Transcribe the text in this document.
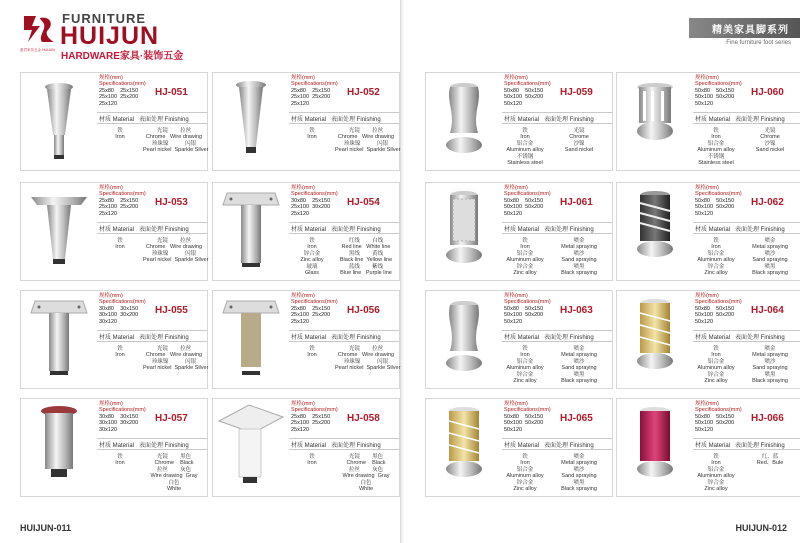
FURNITURE
HUIJUN
HARDWARE家具·装饰五金
惠君家具五金 HUIJUN
HUIJUN-011
精美家具脚系列
Fine furniture foot series
HUIJUN-012
规格(mm)
Specifications(mm)
25x80    25x150
25x100  25x200
25x120
HJ-051
材质 Material 表面处理 Finishing
铁
Iron
光镜        拉丝
Chrome   Wire drawing
珍珠镍           闪银
Pearl nickel  Sparkle Silver
规格(mm)
Specifications(mm)
25x80    25x150
25x100  25x200
25x120
HJ-052
材质 Material 表面处理 Finishing
铁
Iron
光镜        拉丝
Chrome   Wire drawing
珍珠镍           闪银
Pearl nickel  Sparkle Silver
规格(mm)
Specifications(mm)
25x80    25x150
25x100  25x200
25x120
HJ-053
材质 Material 表面处理 Finishing
铁
Iron
光镜        拉丝
Chrome   Wire drawing
珍珠镍           闪银
Pearl nickel  Sparkle Silver
规格(mm)
Specifications(mm)
30x80    25x150
25x100  30x200
25x120
HJ-054
材质 Material 表面处理 Finishing
铁
Iron
锌合金
Zinc alloy
玻璃
Glass
红线        白线
Red line   White line
黑线        黄线
Black line  Yellow line
蓝线        紫线
Blue line   Purple line
规格(mm)
Specifications(mm)
30x80    30x150
30x100  30x200
30x120
HJ-055
材质 Material 表面处理 Finishing
铁
Iron
光镜        拉丝
Chrome   Wire drawing
珍珠镍           闪银
Pearl nickel  Sparkle Silver
规格(mm)
Specifications(mm)
25x80    25x150
25x100  25x200
25x120
HJ-056
材质 Material 表面处理 Finishing
铁
Iron
光镜        拉丝
Chrome   Wire drawing
珍珠镍           闪银
Pearl nickel  Sparkle Silver
规格(mm)
Specifications(mm)
30x80    30x150
30x100  30x200
30x120
HJ-057
材质 Material 表面处理 Finishing
铁
Iron
光镜        黑色
Chrome    Black
拉丝        灰色
Wire drawing  Gray
白色
White
规格(mm)
Specifications(mm)
25x80    25x150
25x100  25x200
25x120
HJ-058
材质 Material 表面处理 Finishing
铁
Iron
光镜        黑色
Chrome    Black
拉丝        灰色
Wire drawing  Gray
白色
White
规格(mm)
Specifications(mm)
50x80    50x150
50x100  50x200
50x120
HJ-059
材质 Material 表面处理 Finishing
铁
Iron
铝合金
Aluminum alloy
不锈钢
Stainless steel
光镜
Chrome
沙镍
Sand nickel
规格(mm)
Specifications(mm)
50x80    50x150
50x100  50x200
50x120
HJ-060
材质 Material 表面处理 Finishing
铁
Iron
铝合金
Aluminum alloy
不锈钢
Stainless steel
光镜
Chrome
沙镍
Sand nickel
规格(mm)
Specifications(mm)
50x80    50x150
50x100  50x200
50x120
HJ-061
材质 Material 表面处理 Finishing
铁
Iron
铝合金
Aluminum alloy
锌合金
Zinc alloy
喷金
Metal spraying
喷沙
Sand spraying
喷黑
Black spraying
规格(mm)
Specifications(mm)
50x80    50x150
50x100  50x200
50x120
HJ-062
材质 Material 表面处理 Finishing
铁
Iron
铝合金
Aluminum alloy
锌合金
Zinc alloy
喷金
Metal spraying
喷沙
Sand spraying
喷黑
Black spraying
规格(mm)
Specifications(mm)
50x80    50x150
50x100  50x200
50x120
HJ-063
材质 Material 表面处理 Finishing
铁
Iron
铝合金
Aluminum alloy
锌合金
Zinc alloy
喷金
Metal spraying
喷沙
Sand spraying
喷黑
Black spraying
规格(mm)
Specifications(mm)
50x80    50x150
50x100  50x200
50x120
HJ-064
材质 Material 表面处理 Finishing
铁
Iron
铝合金
Aluminum alloy
锌合金
Zinc alloy
喷金
Metal spraying
喷沙
Sand spraying
喷黑
Black spraying
规格(mm)
Specifications(mm)
50x80    50x150
50x100  50x200
50x120
HJ-065
材质 Material 表面处理 Finishing
铁
Iron
铝合金
Aluminum alloy
锌合金
Zinc alloy
喷金
Metal spraying
喷沙
Sand spraying
喷黑
Black spraying
规格(mm)
Specifications(mm)
50x80    50x150
50x100  50x200
50x120
HJ-066
材质 Material 表面处理 Finishing
铁
Iron
铝合金
Aluminum alloy
锌合金
Zinc alloy
红、蓝
Red、Bule
